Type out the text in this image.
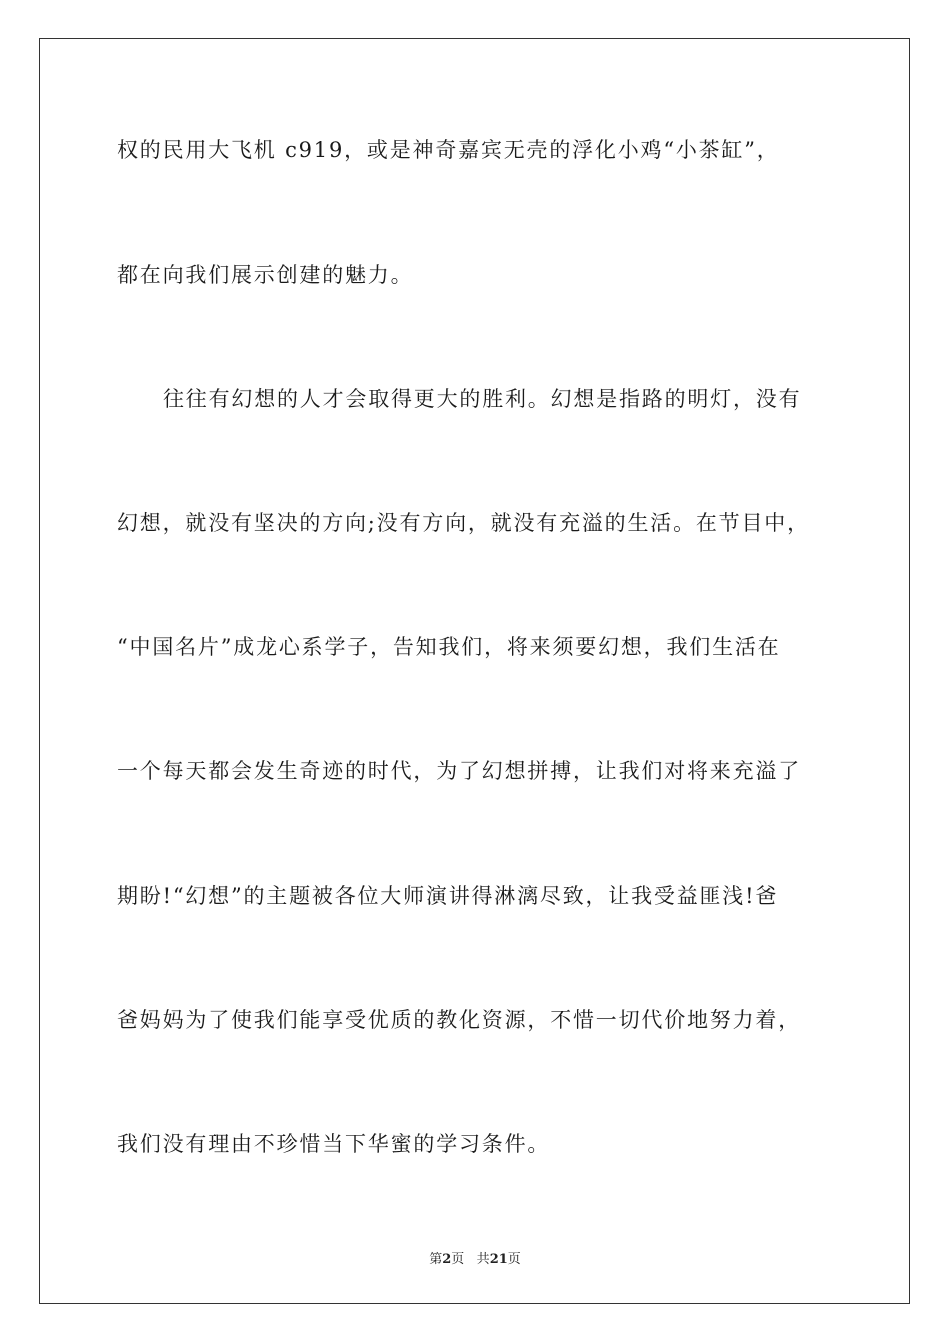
权的民用大飞机 c919，或是神奇嘉宾无壳的浮化小鸡“小茶缸”，
都在向我们展示创建的魅力。
往往有幻想的人才会取得更大的胜利。幻想是指路的明灯，没有
幻想，就没有坚决的方向;没有方向，就没有充溢的生活。在节目中，
“中国名片”成龙心系学子，告知我们，将来须要幻想，我们生活在
一个每天都会发生奇迹的时代，为了幻想拼搏，让我们对将来充溢了
期盼!“幻想”的主题被各位大师演讲得淋漓尽致，让我受益匪浅!爸
爸妈妈为了使我们能享受优质的教化资源，不惜一切代价地努力着，
我们没有理由不珍惜当下华蜜的学习条件。
第2页 共21页
